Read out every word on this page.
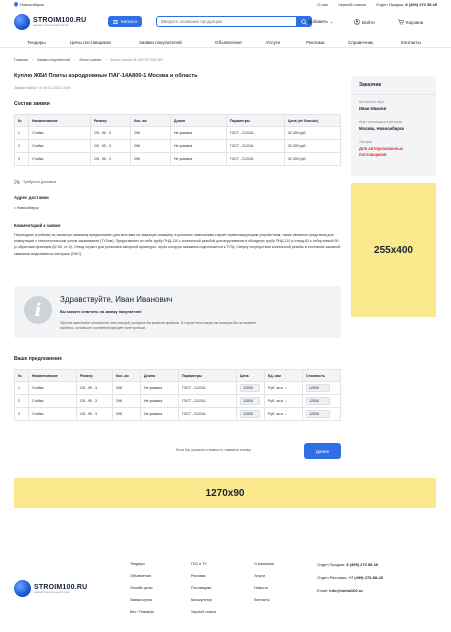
Новосибирск	О нас	Черный список	Отдел Продаж: 8 (499) 270 58 45
STROIM100.RU
единый строительный портал
Каталог
Введите название продукции	Добавить ⌄	Войти	Корзина
Тендеры	Цены поставщиков	Заявки покупателей	Объявления	Услуги	Реклама	Справочник	Контакты
Главная › Заявки покупателей › Бетон гранит › Бетон гранит М-150 П2 F50 W2
Куплю ЖБИ Плиты аэродромные ПАГ-14А800-1 Москва и область
Заявка №6447 от 26.01.2021 10:40
Состав заявки
№	Наименование	Размер	Кол.-во	Длина	Параметры	Цена (не больше)
1	Стойки	СВ - 95 - 3	296	Не указана	ГОСТ - 212341	32 400 руб.
2	Стойки	СВ - 95 - 3	296	Не указана	ГОСТ - 212341	32 400 руб.
3	Стойки	СВ - 95 - 3	296	Не указана	ГОСТ - 212341	32 400 руб.
Требуется доставка
Адрес доставки
г. Новосибирск
Комментарий к заявке
Переходник (тройник) на заказную скважину предназначен для монтажа на заказную скважину, в условиях самозалива служит герметизирующим устройством, также является средством для коммутации с технологическим узлом закачивания (ТУЗом). Представляет из себя трубу ПНД-110 с конической резьбой для вкручивания в обсадную трубу ПНД-110 и отвод-63 с отбортовкой 90 (с обратным фланцем ДУ-50, ст-3). Отвод служит для установки запорной арматуры, через которую скважина подключается к ТУЗу. Сверху посредством конической резьбы в оголовник заказной скважины вкручивается заглушка (ОНС).
i	Здравствуйте, Иван Иванович
Вы можете ответить на заявку покупателя!
Просто заполните стоимость тех позиций, которые Вы можете продать. В случае если какую-то позицию Вы не можете продать, оставьте соответствующее поле пустым.
Ваше предложение
№	Наименование	Размер	Кол.-во	Длина	Параметры	Цена	Ед. изм	Стоимость
1	Стойки	СВ - 95 - 3	296	Не указана	ГОСТ - 212341	12000	Руб. за кг ⌄	12000
2	Стойки	СВ - 95 - 3	296	Не указана	ГОСТ - 212341	12000	Руб. за кг ⌄	12000
3	Стойки	СВ - 95 - 3	296	Не указана	ГОСТ - 212341	12000	Руб. за кг ⌄	12000
Если Вы указали стоимость, нажмите кнопку	Далее
Заказчик
Контактное лицо
Иван Иванов
Ищет поставщика в регионах
Москва, Новосибирск
Телефон
Для авторизованных поставщиков
255x400
1270x90
STROIM100.RU
единый строительный портал
Тендеры
Объявления
Онлайн цены
Заявки купли
Вес / Размеры
ГОС и ТУ
Реклама
Поставщики
Калькулятор
Черный список
О компании
Услуги
Новости
Контакты
Отдел Продаж: 8 (499) 270 58 45
Отдел Рекламы: +7 (499) 270-58-45
Email: info@metal100.ru
